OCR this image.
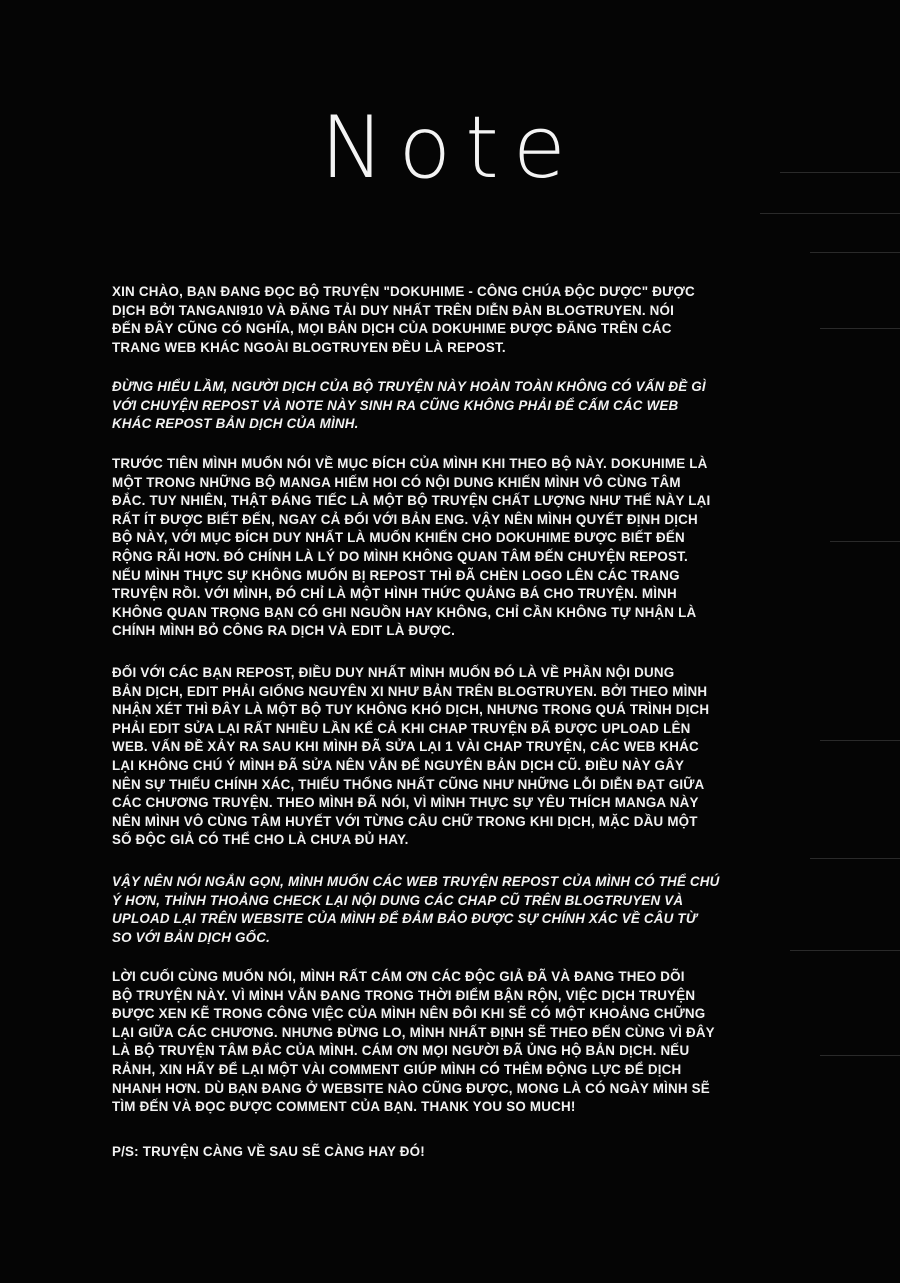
Note
XIN CHÀO, BẠN ĐANG ĐỌC BỘ TRUYỆN "DOKUHIME - CÔNG CHÚA ĐỘC DƯỢC" ĐƯỢC
DỊCH BỞI TANGANI910 VÀ ĐĂNG TẢI DUY NHẤT TRÊN DIỄN ĐÀN BLOGTRUYEN. NÓI
ĐẾN ĐÂY CŨNG CÓ NGHĨA, MỌI BẢN DỊCH CỦA DOKUHIME ĐƯỢC ĐĂNG TRÊN CÁC
TRANG WEB KHÁC NGOÀI BLOGTRUYEN ĐỀU LÀ REPOST.
ĐỪNG HIỂU LẦM, NGƯỜI DỊCH CỦA BỘ TRUYỆN NÀY HOÀN TOÀN KHÔNG CÓ VẤN ĐỀ GÌ
VỚI CHUYỆN REPOST VÀ NOTE NÀY SINH RA CŨNG KHÔNG PHẢI ĐỂ CẤM CÁC WEB
KHÁC REPOST BẢN DỊCH CỦA MÌNH.
TRƯỚC TIÊN MÌNH MUỐN NÓI VỀ MỤC ĐÍCH CỦA MÌNH KHI THEO BỘ NÀY. DOKUHIME LÀ
MỘT TRONG NHỮNG BỘ MANGA HIẾM HOI CÓ NỘI DUNG KHIẾN MÌNH VÔ CÙNG TÂM
ĐẮC. TUY NHIÊN, THẬT ĐÁNG TIẾC LÀ MỘT BỘ TRUYỆN CHẤT LƯỢNG NHƯ THẾ NÀY LẠI
RẤT ÍT ĐƯỢC BIẾT ĐẾN, NGAY CẢ ĐỐI VỚI BẢN ENG. VẬY NÊN MÌNH QUYẾT ĐỊNH DỊCH
BỘ NÀY, VỚI MỤC ĐÍCH DUY NHẤT LÀ MUỐN KHIẾN CHO DOKUHIME ĐƯỢC BIẾT ĐẾN
RỘNG RÃI HƠN. ĐÓ CHÍNH LÀ LÝ DO MÌNH KHÔNG QUAN TÂM ĐẾN CHUYỆN REPOST.
NẾU MÌNH THỰC SỰ KHÔNG MUỐN BỊ REPOST THÌ ĐÃ CHÈN LOGO LÊN CÁC TRANG
TRUYỆN RỒI. VỚI MÌNH, ĐÓ CHỈ LÀ MỘT HÌNH THỨC QUẢNG BÁ CHO TRUYỆN. MÌNH
KHÔNG QUAN TRỌNG BẠN CÓ GHI NGUỒN HAY KHÔNG, CHỈ CẦN KHÔNG TỰ NHẬN LÀ
CHÍNH MÌNH BỎ CÔNG RA DỊCH VÀ EDIT LÀ ĐƯỢC.
ĐỐI VỚI CÁC BẠN REPOST, ĐIỀU DUY NHẤT MÌNH MUỐN ĐÓ LÀ VỀ PHẦN NỘI DUNG
BẢN DỊCH, EDIT PHẢI GIỐNG NGUYÊN XI NHƯ BẢN TRÊN BLOGTRUYEN. BỞI THEO MÌNH
NHẬN XÉT THÌ ĐÂY LÀ MỘT BỘ TUY KHÔNG KHÓ DỊCH, NHƯNG TRONG QUÁ TRÌNH DỊCH
PHẢI EDIT SỬA LẠI RẤT NHIỀU LẦN KỂ CẢ KHI CHAP TRUYỆN ĐÃ ĐƯỢC UPLOAD LÊN
WEB. VẤN ĐỀ XẢY RA SAU KHI MÌNH ĐÃ SỬA LẠI 1 VÀI CHAP TRUYỆN, CÁC WEB KHÁC
LẠI KHÔNG CHÚ Ý MÌNH ĐÃ SỬA NÊN VẪN ĐỂ NGUYÊN BẢN DỊCH CŨ. ĐIỀU NÀY GÂY
NÊN SỰ THIẾU CHÍNH XÁC, THIẾU THỐNG NHẤT CŨNG NHƯ NHỮNG LỖI DIỄN ĐẠT GIỮA
CÁC CHƯƠNG TRUYỆN. THEO MÌNH ĐÃ NÓI, VÌ MÌNH THỰC SỰ YÊU THÍCH MANGA NÀY
NÊN MÌNH VÔ CÙNG TÂM HUYẾT VỚI TỪNG CÂU CHỮ TRONG KHI DỊCH, MẶC DẦU MỘT
SỐ ĐỘC GIẢ CÓ THỂ CHO LÀ CHƯA ĐỦ HAY.
VẬY NÊN NÓI NGẮN GỌN, MÌNH MUỐN CÁC WEB TRUYỆN REPOST CỦA MÌNH CÓ THỂ CHÚ
Ý HƠN, THỈNH THOẢNG CHECK LẠI NỘI DUNG CÁC CHAP CŨ TRÊN BLOGTRUYEN VÀ
UPLOAD LẠI TRÊN WEBSITE CỦA MÌNH ĐỂ ĐẢM BẢO ĐƯỢC SỰ CHÍNH XÁC VỀ CÂU TỪ
SO VỚI BẢN DỊCH GỐC.
LỜI CUỐI CÙNG MUỐN NÓI, MÌNH RẤT CÁM ƠN CÁC ĐỘC GIẢ ĐÃ VÀ ĐANG THEO DÕI
BỘ TRUYỆN NÀY. VÌ MÌNH VẪN ĐANG TRONG THỜI ĐIỂM BẬN RỘN, VIỆC DỊCH TRUYỆN
ĐƯỢC XEN KẼ TRONG CÔNG VIỆC CỦA MÌNH NÊN ĐÔI KHI SẼ CÓ MỘT KHOẢNG CHỮNG
LẠI GIỮA CÁC CHƯƠNG. NHƯNG ĐỪNG LO, MÌNH NHẤT ĐỊNH SẼ THEO ĐẾN CÙNG VÌ ĐÂY
LÀ BỘ TRUYỆN TÂM ĐẮC CỦA MÌNH. CÁM ƠN MỌI NGƯỜI ĐÃ ỦNG HỘ BẢN DỊCH. NẾU
RẢNH, XIN HÃY ĐỂ LẠI MỘT VÀI COMMENT GIÚP MÌNH CÓ THÊM ĐỘNG LỰC ĐỂ DỊCH
NHANH HƠN. DÙ BẠN ĐANG Ở WEBSITE NÀO CŨNG ĐƯỢC, MONG LÀ CÓ NGÀY MÌNH SẼ
TÌM ĐẾN VÀ ĐỌC ĐƯỢC COMMENT CỦA BẠN. THANK YOU SO MUCH!
P/S: TRUYỆN CÀNG VỀ SAU SẼ CÀNG HAY ĐÓ!
